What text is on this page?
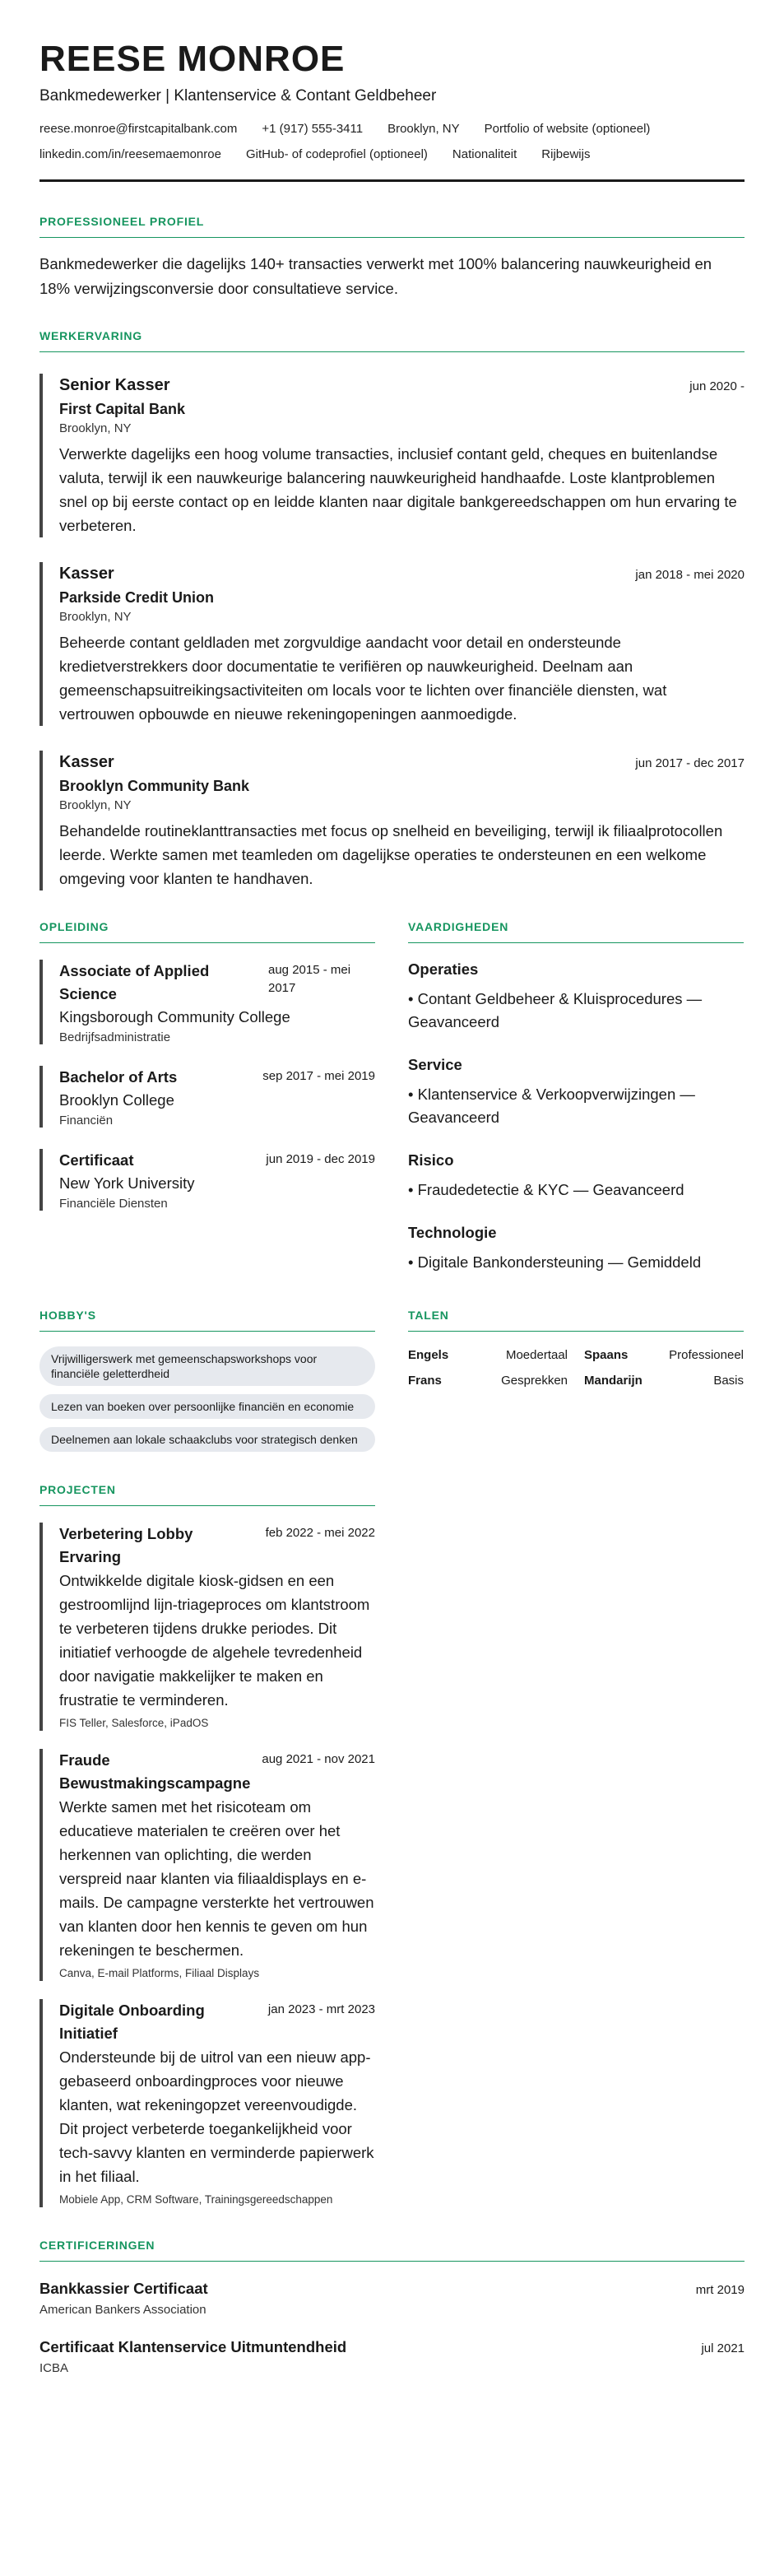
REESE MONROE
Bankmedewerker | Klantenservice & Contant Geldbeheer
reese.monroe@firstcapitalbank.com +1 (917) 555-3411 Brooklyn, NY Portfolio of website (optioneel)
linkedin.com/in/reesemaemonroe GitHub- of codeprofiel (optioneel) Nationaliteit Rijbewijs
PROFESSIONEEL PROFIEL

Bankmedewerker die dagelijks 140+ transacties verwerkt met 100% balancering nauwkeurigheid en 18% verwijzingsconversie door consultatieve service.

WERKERVARING
Senior Kasser	jun 2020 -
First Capital Bank
Brooklyn, NY

Verwerkte dagelijks een hoog volume transacties, inclusief contant geld, cheques en buitenlandse valuta, terwijl ik een nauwkeurige balancering nauwkeurigheid handhaafde. Loste klantproblemen snel op bij eerste contact op en leidde klanten naar digitale bankgereedschappen om hun ervaring te verbeteren.

Kasser	jan 2018 - mei 2020
Parkside Credit Union
Brooklyn, NY

Beheerde contant geldladen met zorgvuldige aandacht voor detail en ondersteunde kredietverstrekkers door documentatie te verifiëren op nauwkeurigheid. Deelnam aan gemeenschapsuitreikingsactiviteiten om locals voor te lichten over financiële diensten, wat vertrouwen opbouwde en nieuwe rekeningopeningen aanmoedigde.

Kasser	jun 2017 - dec 2017
Brooklyn Community Bank
Brooklyn, NY

Behandelde routineklanttransacties met focus op snelheid en beveiliging, terwijl ik filiaalprotocollen leerde. Werkte samen met teamleden om dagelijkse operaties te ondersteunen en een welkome omgeving voor klanten te handhaven.

OPLEIDING
Associate of Applied Science
aug 2015 - mei 2017
Kingsborough Community College
Bedrijfsadministratie
Bachelor of Arts	sep 2017 - mei 2019
Brooklyn College
Financiën
Certificaat	jun 2019 - dec 2019
New York University
Financiële Diensten
VAARDIGHEDEN
Operaties
• Contant Geldbeheer & Kluisprocedures — Geavanceerd
Service
• Klantenservice & Verkoopverwijzingen — Geavanceerd
Risico
• Fraudedetectie & KYC — Geavanceerd
Technologie
• Digitale Bankondersteuning — Gemiddeld
HOBBY'S
Vrijwilligerswerk met gemeenschapsworkshops voor financiële geletterdheid
Lezen van boeken over persoonlijke financiën en economie
Deelnemen aan lokale schaakclubs voor strategisch denken
TALEN
Engels	Moedertaal Spaans	Professioneel
Frans	Gesprekken Mandarijn	Basis
PROJECTEN
Verbetering Lobby Ervaring
feb 2022 - mei 2022

Ontwikkelde digitale kiosk-gidsen en een gestroomlijnd lijn-triageproces om klantstroom te verbeteren tijdens drukke periodes. Dit initiatief verhoogde de algehele tevredenheid door navigatie makkelijker te maken en frustratie te verminderen.

FIS Teller, Salesforce, iPadOS
Fraude Bewustmakingscampagne
aug 2021 - nov 2021

Werkte samen met het risicoteam om educatieve materialen te creëren over het herkennen van oplichting, die werden verspreid naar klanten via filiaaldisplays en e-mails. De campagne versterkte het vertrouwen van klanten door hen kennis te geven om hun rekeningen te beschermen.

Canva, E-mail Platforms, Filiaal Displays
Digitale Onboarding Initiatief
jan 2023 - mrt 2023

Ondersteunde bij de uitrol van een nieuw app-gebaseerd onboardingproces voor nieuwe klanten, wat rekeningopzet vereenvoudigde. Dit project verbeterde toegankelijkheid voor tech-savvy klanten en verminderde papierwerk in het filiaal.

Mobiele App, CRM Software, Trainingsgereedschappen
CERTIFICERINGEN
Bankkassier Certificaat	mrt 2019
American Bankers Association
Certificaat Klantenservice Uitmuntendheid	jul 2021
ICBA
